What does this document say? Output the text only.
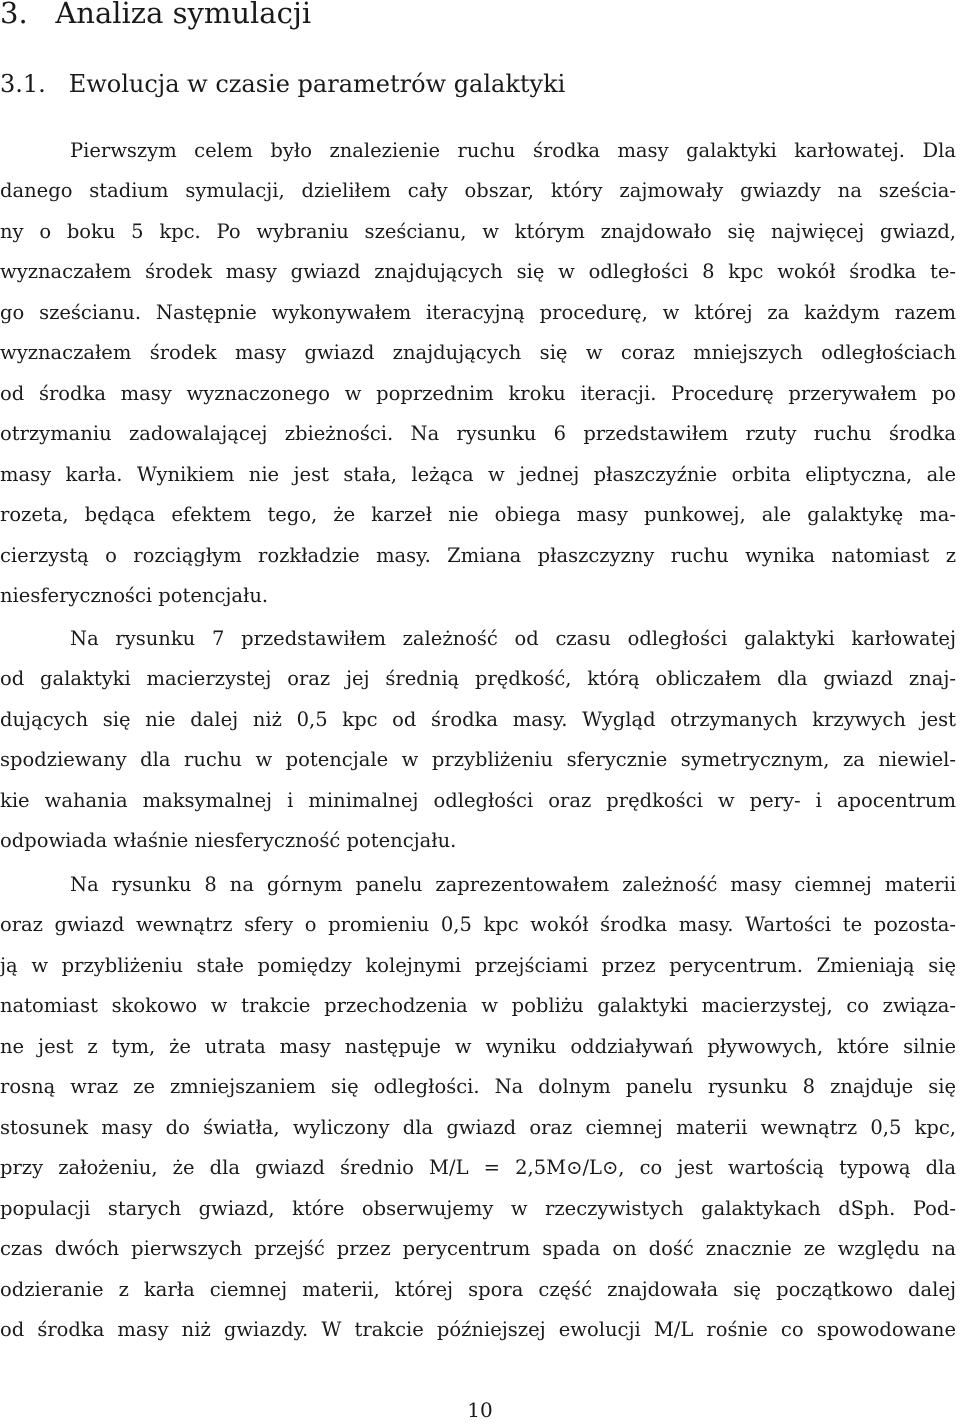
3. Analiza symulacji
3.1. Ewolucja w czasie parametrów galaktyki

Pierwszym celem było znalezienie ruchu środka masy galaktyki karłowatej. Dla

danego stadium symulacji, dzieliłem cały obszar, który zajmowały gwiazdy na sześcia-

ny o boku 5 kpc. Po wybraniu sześcianu, w którym znajdowało się najwięcej gwiazd,

wyznaczałem środek masy gwiazd znajdujących się w odległości 8 kpc wokół środka te-

go sześcianu. Następnie wykonywałem iteracyjną procedurę, w której za każdym razem

wyznaczałem środek masy gwiazd znajdujących się w coraz mniejszych odległościach

od środka masy wyznaczonego w poprzednim kroku iteracji. Procedurę przerywałem po

otrzymaniu zadowalającej zbieżności. Na rysunku 6 przedstawiłem rzuty ruchu środka

masy karła. Wynikiem nie jest stała, leżąca w jednej płaszczyźnie orbita eliptyczna, ale

rozeta, będąca efektem tego, że karzeł nie obiega masy punkowej, ale galaktykę ma-

cierzystą o rozciągłym rozkładzie masy. Zmiana płaszczyzny ruchu wynika natomiast z

niesferyczności potencjału.

Na rysunku 7 przedstawiłem zależność od czasu odległości galaktyki karłowatej

od galaktyki macierzystej oraz jej średnią prędkość, którą obliczałem dla gwiazd znaj-

dujących się nie dalej niż 0,5 kpc od środka masy. Wygląd otrzymanych krzywych jest

spodziewany dla ruchu w potencjale w przybliżeniu sferycznie symetrycznym, za niewiel-

kie wahania maksymalnej i minimalnej odległości oraz prędkości w pery- i apocentrum

odpowiada właśnie niesferyczność potencjału.

Na rysunku 8 na górnym panelu zaprezentowałem zależność masy ciemnej materii

oraz gwiazd wewnątrz sfery o promieniu 0,5 kpc wokół środka masy. Wartości te pozosta-

ją w przybliżeniu stałe pomiędzy kolejnymi przejściami przez perycentrum. Zmieniają się

natomiast skokowo w trakcie przechodzenia w pobliżu galaktyki macierzystej, co związa-

ne jest z tym, że utrata masy następuje w wyniku oddziaływań pływowych, które silnie

rosną wraz ze zmniejszaniem się odległości. Na dolnym panelu rysunku 8 znajduje się

stosunek masy do światła, wyliczony dla gwiazd oraz ciemnej materii wewnątrz 0,5 kpc,

przy założeniu, że dla gwiazd średnio M/L = 2,5M⊙/L⊙, co jest wartością typową dla

populacji starych gwiazd, które obserwujemy w rzeczywistych galaktykach dSph. Pod-

czas dwóch pierwszych przejść przez perycentrum spada on dość znacznie ze względu na

odzieranie z karła ciemnej materii, której spora część znajdowała się początkowo dalej

od środka masy niż gwiazdy. W trakcie późniejszej ewolucji M/L rośnie co spowodowane

10
